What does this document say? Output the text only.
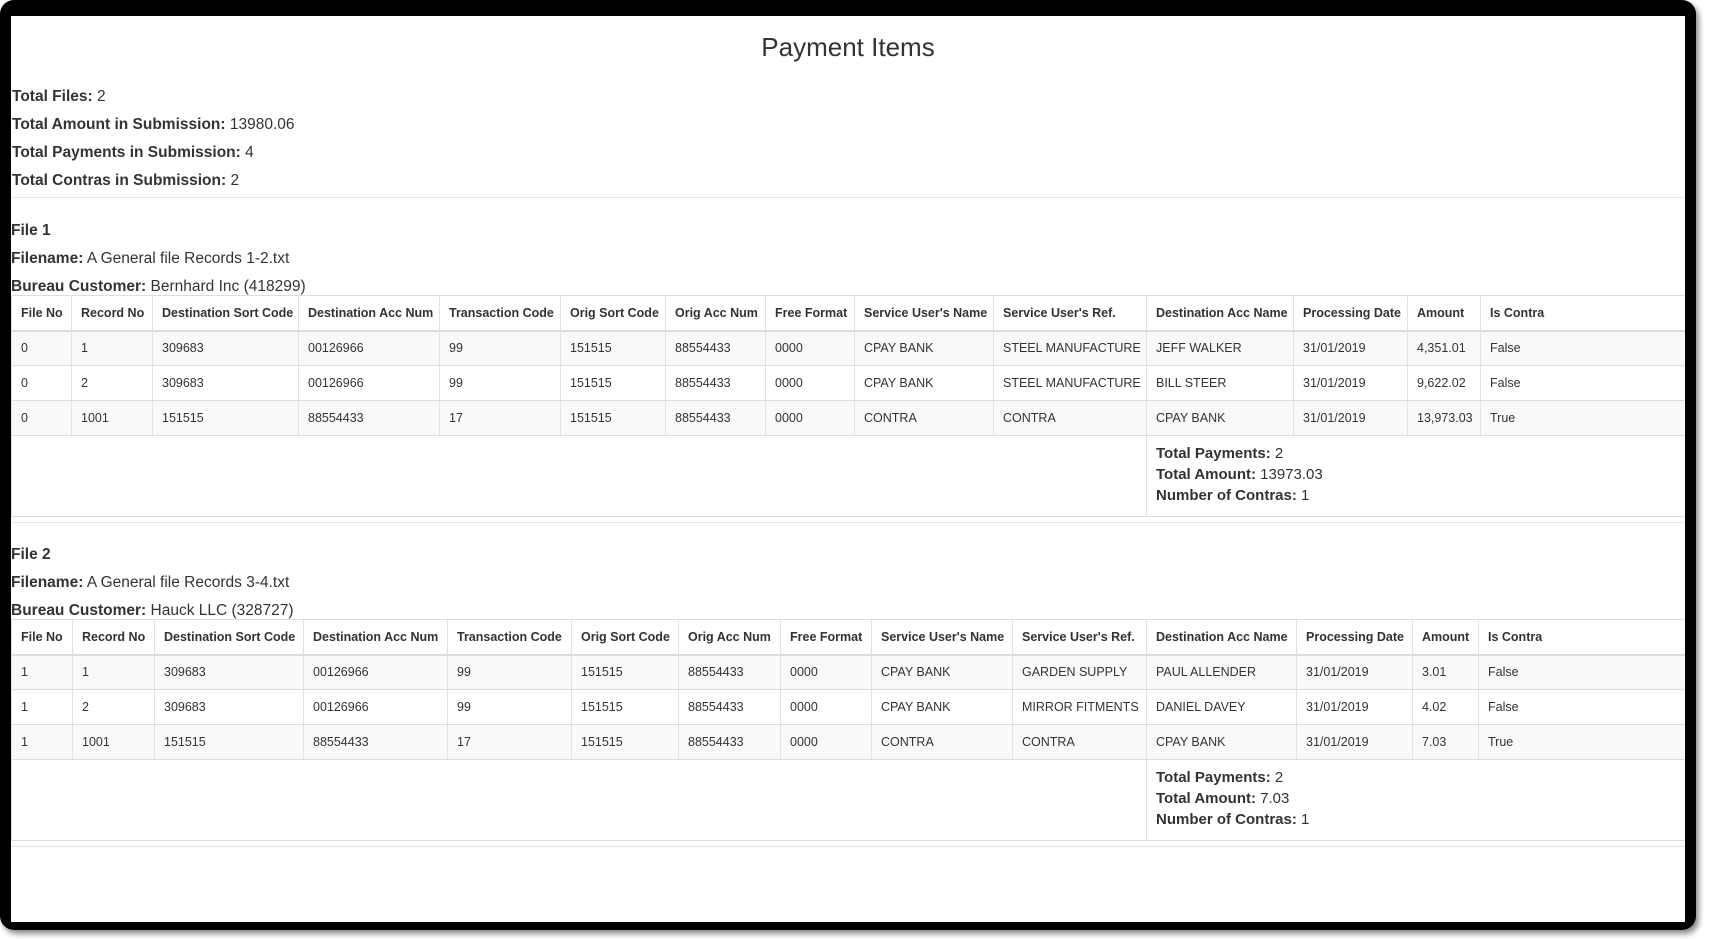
Payment Items
Total Files: 2
Total Amount in Submission: 13980.06
Total Payments in Submission: 4
Total Contras in Submission: 2
File 1
Filename: A General file Records 1-2.txt
Bureau Customer: Bernhard Inc (418299)
File No	Record No	Destination Sort Code	Destination Acc Num	Transaction Code	Orig Sort Code	Orig Acc Num	Free Format	Service User's Name	Service User's Ref.	Destination Acc Name	Processing Date	Amount	Is Contra
0	1	309683	00126966	99	151515	88554433	0000	CPAY BANK	STEEL MANUFACTURE	JEFF WALKER	31/01/2019	4,351.01	False
0	2	309683	00126966	99	151515	88554433	0000	CPAY BANK	STEEL MANUFACTURE	BILL STEER	31/01/2019	9,622.02	False
0	1001	151515	88554433	17	151515	88554433	0000	CONTRA	CONTRA	CPAY BANK	31/01/2019	13,973.03	True

										Total Payments: 2
Total Amount: 13973.03
Number of Contras: 1			
File 2
Filename: A General file Records 3-4.txt
Bureau Customer: Hauck LLC (328727)
File No	Record No	Destination Sort Code	Destination Acc Num	Transaction Code	Orig Sort Code	Orig Acc Num	Free Format	Service User's Name	Service User's Ref.	Destination Acc Name	Processing Date	Amount	Is Contra
1	1	309683	00126966	99	151515	88554433	0000	CPAY BANK	GARDEN SUPPLY	PAUL ALLENDER	31/01/2019	3.01	False
1	2	309683	00126966	99	151515	88554433	0000	CPAY BANK	MIRROR FITMENTS	DANIEL DAVEY	31/01/2019	4.02	False
1	1001	151515	88554433	17	151515	88554433	0000	CONTRA	CONTRA	CPAY BANK	31/01/2019	7.03	True

										Total Payments: 2
Total Amount: 7.03
Number of Contras: 1			
